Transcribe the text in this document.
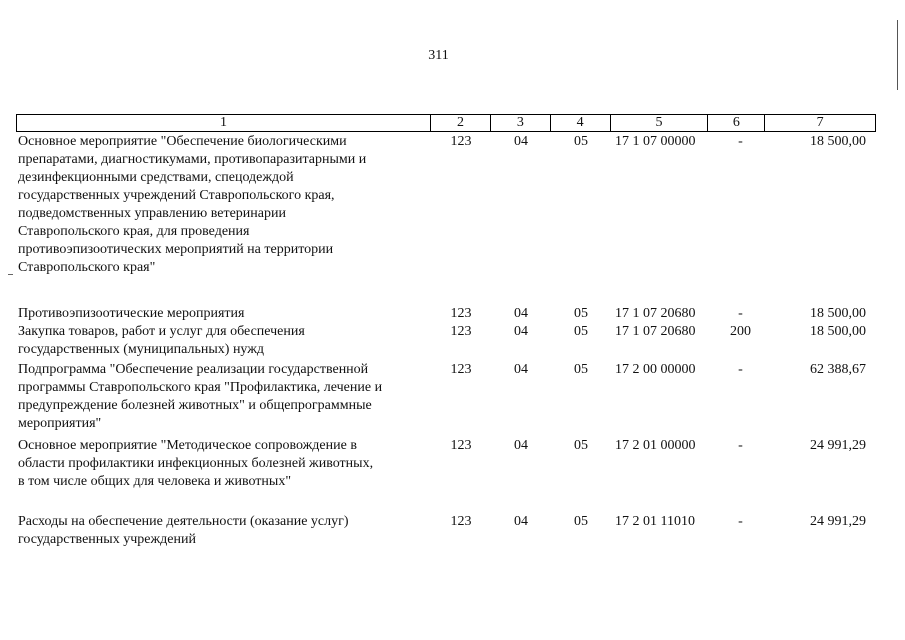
311
1	2	3	4	5	6	7
Основное мероприятие "Обеспечение биологическими
препаратами, диагностикумами, противопаразитарными и
дезинфекционными средствами, спецодеждой
государственных учреждений Ставропольского края,
подведомственных управлению ветеринарии
Ставропольского края, для проведения
противоэпизоотических мероприятий на территории
Ставропольского края"
123	04	05	17 1 07 00000	-	18 500,00
Противоэпизоотические мероприятия	123	04	05	17 1 07 20680	-	18 500,00
Закупка товаров, работ и услуг для обеспечения
государственных (муниципальных) нужд
123	04	05	17 1 07 20680	200	18 500,00
Подпрограмма "Обеспечение реализации государственной
программы Ставропольского края "Профилактика, лечение и
предупреждение болезней животных" и общепрограммные
мероприятия"
123	04	05	17 2 00 00000	-	62 388,67
Основное мероприятие "Методическое сопровождение в
области профилактики инфекционных болезней животных,
в том числе общих для человека и животных"
123	04	05	17 2 01 00000	-	24 991,29
Расходы на обеспечение деятельности (оказание услуг)
государственных учреждений
123	04	05	17 2 01 11010	-	24 991,29
